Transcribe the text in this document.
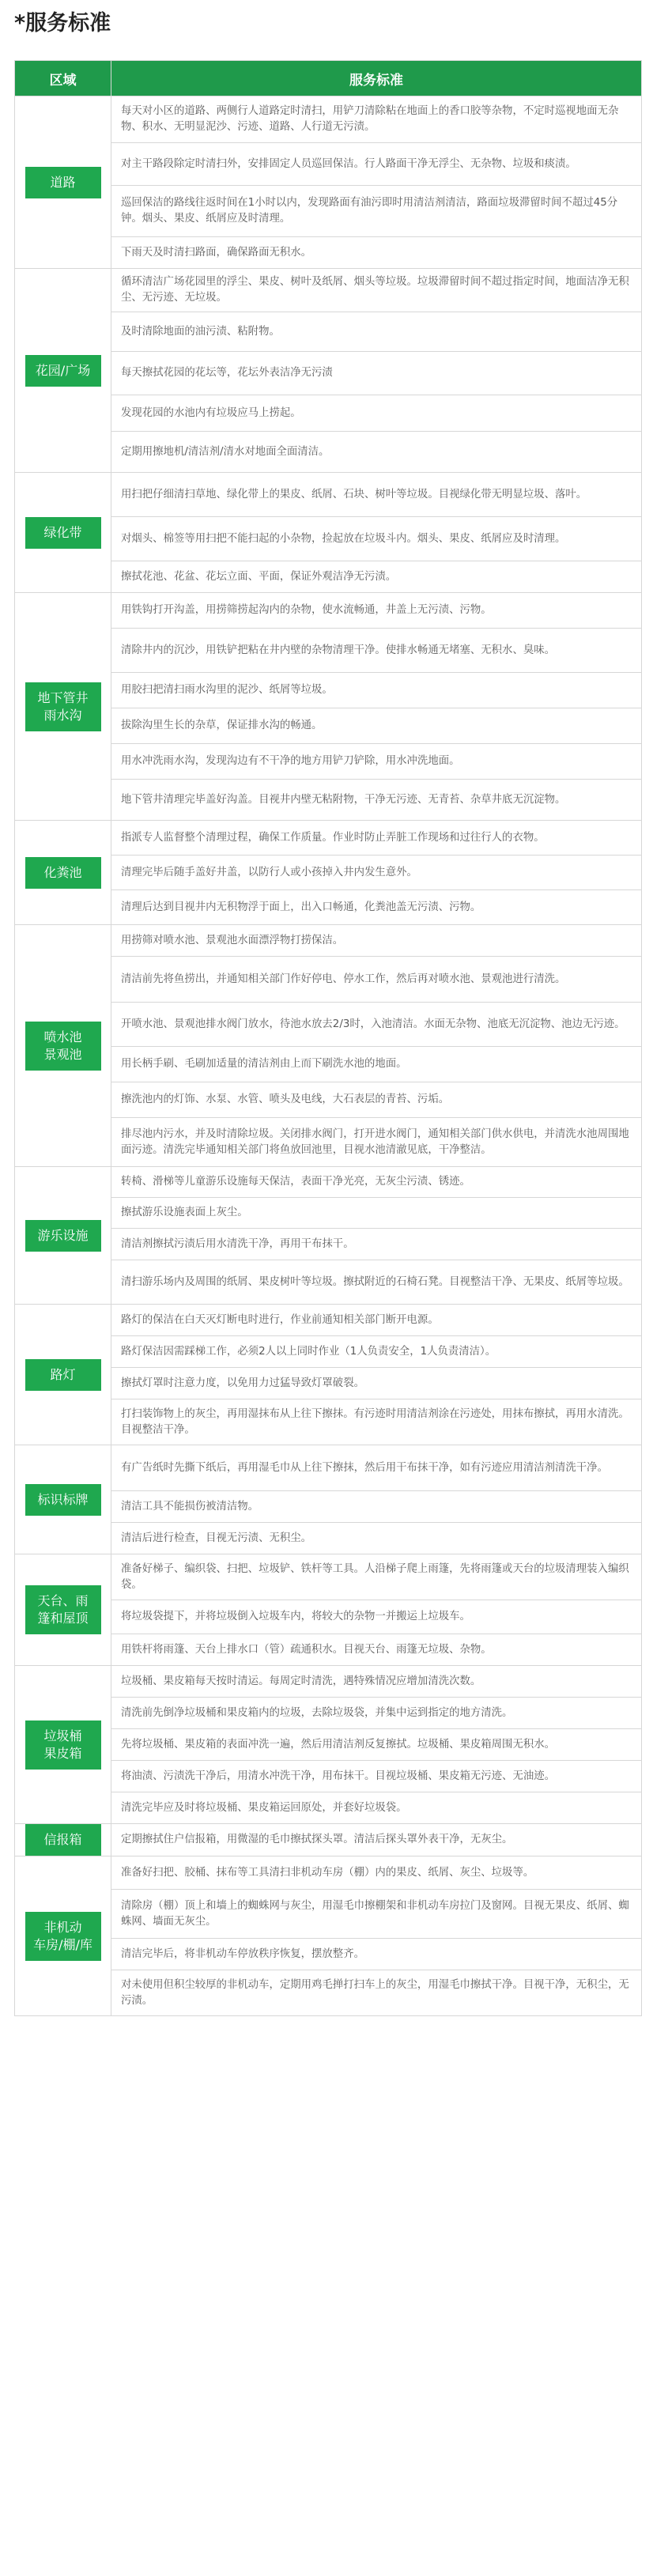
*服务标准
区域	服务标准
道路	每天对小区的道路、两侧行人道路定时清扫，用铲刀清除粘在地面上的香口胶等杂物，不定时巡视地面无杂物、积水、无明显泥沙、污迹、道路、人行道无污渍。
	对主干路段除定时清扫外，安排固定人员巡回保洁。行人路面干净无浮尘、无杂物、垃圾和痰渍。
	巡回保洁的路线往返时间在1小时以内，发现路面有油污即时用清洁剂清洁，路面垃圾滞留时间不超过45分钟。烟头、果皮、纸屑应及时清理。
	下雨天及时清扫路面，确保路面无积水。
花园/广场	循环清洁广场花园里的浮尘、果皮、树叶及纸屑、烟头等垃圾。垃圾滞留时间不超过指定时间，地面洁净无积尘、无污迹、无垃圾。
	及时清除地面的油污渍、粘附物。
	每天擦拭花园的花坛等，花坛外表洁净无污渍
	发现花园的水池内有垃圾应马上捞起。
	定期用擦地机/清洁剂/清水对地面全面清洁。
绿化带	用扫把仔细清扫草地、绿化带上的果皮、纸屑、石块、树叶等垃圾。目视绿化带无明显垃圾、落叶。
	对烟头、棉签等用扫把不能扫起的小杂物，捡起放在垃圾斗内。烟头、果皮、纸屑应及时清理。
	擦拭花池、花盆、花坛立面、平面，保证外观洁净无污渍。
地下管井
雨水沟	用铁钩打开沟盖，用捞筛捞起沟内的杂物，使水流畅通，井盖上无污渍、污物。
	清除井内的沉沙，用铁铲把粘在井内壁的杂物清理干净。使排水畅通无堵塞、无积水、臭味。
	用胶扫把清扫雨水沟里的泥沙、纸屑等垃圾。
	拔除沟里生长的杂草，保证排水沟的畅通。
	用水冲洗雨水沟，发现沟边有不干净的地方用铲刀铲除，用水冲洗地面。
	地下管井清理完毕盖好沟盖。目视井内壁无粘附物，干净无污迹、无青苔、杂草井底无沉淀物。
化粪池	指派专人监督整个清理过程，确保工作质量。作业时防止弄脏工作现场和过往行人的衣物。
	清理完毕后随手盖好井盖，以防行人或小孩掉入井内发生意外。
	清理后达到目视井内无积物浮于面上，出入口畅通，化粪池盖无污渍、污物。
喷水池
景观池	用捞筛对喷水池、景观池水面漂浮物打捞保洁。
	清洁前先将鱼捞出，并通知相关部门作好停电、停水工作，然后再对喷水池、景观池进行清洗。
	开喷水池、景观池排水阀门放水，待池水放去2/3时，入池清洁。水面无杂物、池底无沉淀物、池边无污迹。
	用长柄手刷、毛刷加适量的清洁剂由上而下刷洗水池的地面。
	擦洗池内的灯饰、水泵、水管、喷头及电线，大石表层的青苔、污垢。
	排尽池内污水，并及时清除垃圾。关闭排水阀门，打开进水阀门，通知相关部门供水供电，并清洗水池周围地面污迹。清洗完毕通知相关部门将鱼放回池里，目视水池清澈见底，干净整洁。
游乐设施	转椅、滑梯等儿童游乐设施每天保洁，表面干净光亮，无灰尘污渍、锈迹。
	擦拭游乐设施表面上灰尘。
	清洁剂擦拭污渍后用水清洗干净，再用干布抹干。
	清扫游乐场内及周围的纸屑、果皮树叶等垃圾。擦拭附近的石椅石凳。目视整洁干净、无果皮、纸屑等垃圾。
路灯	路灯的保洁在白天灭灯断电时进行，作业前通知相关部门断开电源。
	路灯保洁因需踩梯工作，必须2人以上同时作业（1人负责安全，1人负责清洁）。
	擦拭灯罩时注意力度，以免用力过猛导致灯罩破裂。
	打扫装饰物上的灰尘，再用湿抹布从上往下擦抹。有污迹时用清洁剂涂在污迹处，用抹布擦拭，再用水清洗。目视整洁干净。
标识标牌	有广告纸时先撕下纸后，再用湿毛巾从上往下擦抹，然后用干布抹干净，如有污迹应用清洁剂清洗干净。
	清洁工具不能损伤被清洁物。
	清洁后进行检查，目视无污渍、无积尘。
天台、雨
篷和屋顶	准备好梯子、编织袋、扫把、垃圾铲、铁杆等工具。人沿梯子爬上雨篷，先将雨篷或天台的垃圾清理装入编织袋。
	将垃圾袋提下，并将垃圾倒入垃圾车内，将较大的杂物一并搬运上垃圾车。
	用铁杆将雨篷、天台上排水口（管）疏通积水。目视天台、雨篷无垃圾、杂物。
垃圾桶
果皮箱	垃圾桶、果皮箱每天按时清运。每周定时清洗，遇特殊情况应增加清洗次数。
	清洗前先倒净垃圾桶和果皮箱内的垃圾，去除垃圾袋，并集中运到指定的地方清洗。
	先将垃圾桶、果皮箱的表面冲洗一遍，然后用清洁剂反复擦拭。垃圾桶、果皮箱周围无积水。
	将油渍、污渍洗干净后，用清水冲洗干净，用布抹干。目视垃圾桶、果皮箱无污迹、无油迹。
	清洗完毕应及时将垃圾桶、果皮箱运回原处，并套好垃圾袋。
信报箱	定期擦拭住户信报箱，用微湿的毛巾擦拭探头罩。清洁后探头罩外表干净，无灰尘。
非机动
车房/棚/库	准备好扫把、胶桶、抹布等工具清扫非机动车房（棚）内的果皮、纸屑、灰尘、垃圾等。
	清除房（棚）顶上和墙上的蜘蛛网与灰尘，用湿毛巾擦棚架和非机动车房拉门及窗网。目视无果皮、纸屑、蜘蛛网、墙面无灰尘。
	清洁完毕后，将非机动车停放秩序恢复，摆放整齐。
	对未使用但积尘较厚的非机动车，定期用鸡毛掸打扫车上的灰尘，用湿毛巾擦拭干净。目视干净，无积尘，无污渍。
